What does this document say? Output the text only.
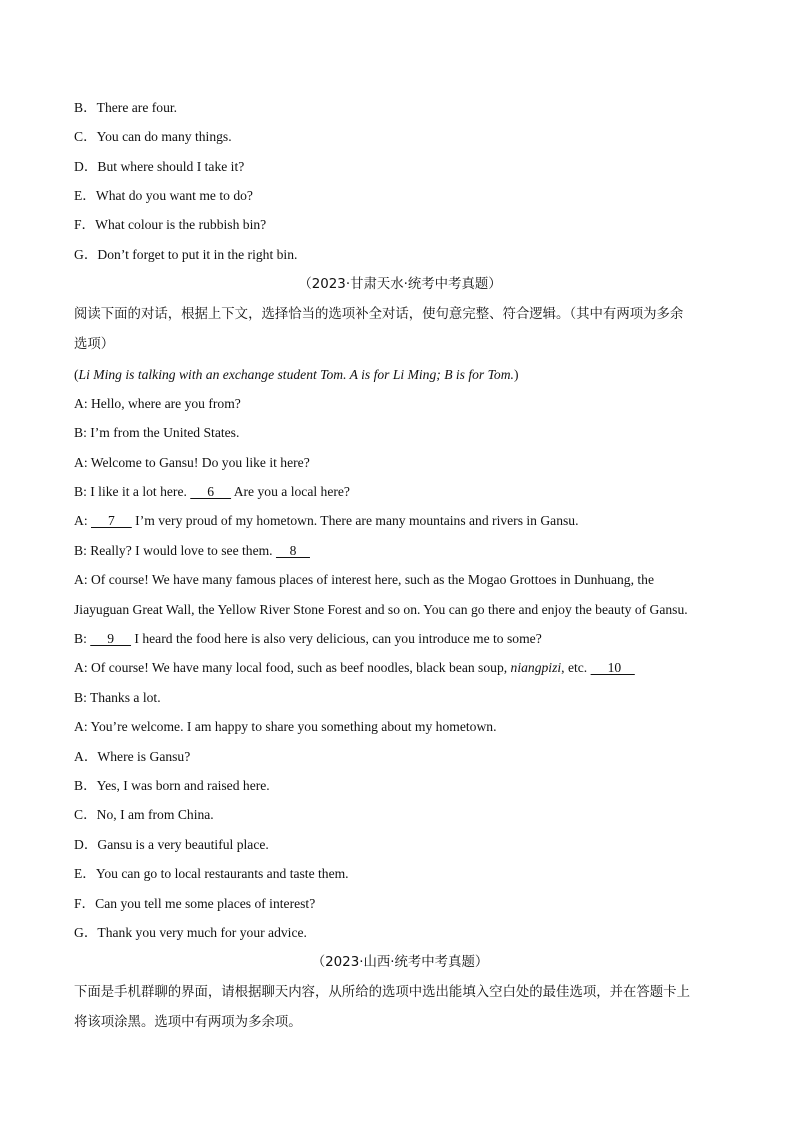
B．There are four.
C．You can do many things.
D．But where should I take it?
E．What do you want me to do?
F．What colour is the rubbish bin?
G．Don’t forget to put it in the right bin.
（2023·甘肃天水·统考中考真题）
阅读下面的对话，根据上下文，选择恰当的选项补全对话，使句意完整、符合逻辑。（其中有两项为多余
选项）
(Li Ming is talking with an exchange student Tom. A is for Li Ming; B is for Tom.)
A: Hello, where are you from?
B: I’m from the United States.
A: Welcome to Gansu! Do you like it here?
B: I like it a lot here.      6      Are you a local here?
A:      7      I’m very proud of my hometown. There are many mountains and rivers in Gansu.
B: Really? I would love to see them.     8
A: Of course! We have many famous places of interest here, such as the Mogao Grottoes in Dunhuang, the
Jiayuguan Great Wall, the Yellow River Stone Forest and so on. You can go there and enjoy the beauty of Gansu.
B:      9      I heard the food here is also very delicious, can you introduce me to some?
A: Of course! We have many local food, such as beef noodles, black bean soup, niangpizi, etc.      10
B: Thanks a lot.
A: You’re welcome. I am happy to share you something about my hometown.
A．Where is Gansu?
B．Yes, I was born and raised here.
C．No, I am from China.
D．Gansu is a very beautiful place.
E．You can go to local restaurants and taste them.
F．Can you tell me some places of interest?
G．Thank you very much for your advice.
（2023·山西·统考中考真题）
下面是手机群聊的界面，请根据聊天内容，从所给的选项中选出能填入空白处的最佳选项，并在答题卡上
将该项涂黑。选项中有两项为多余项。
